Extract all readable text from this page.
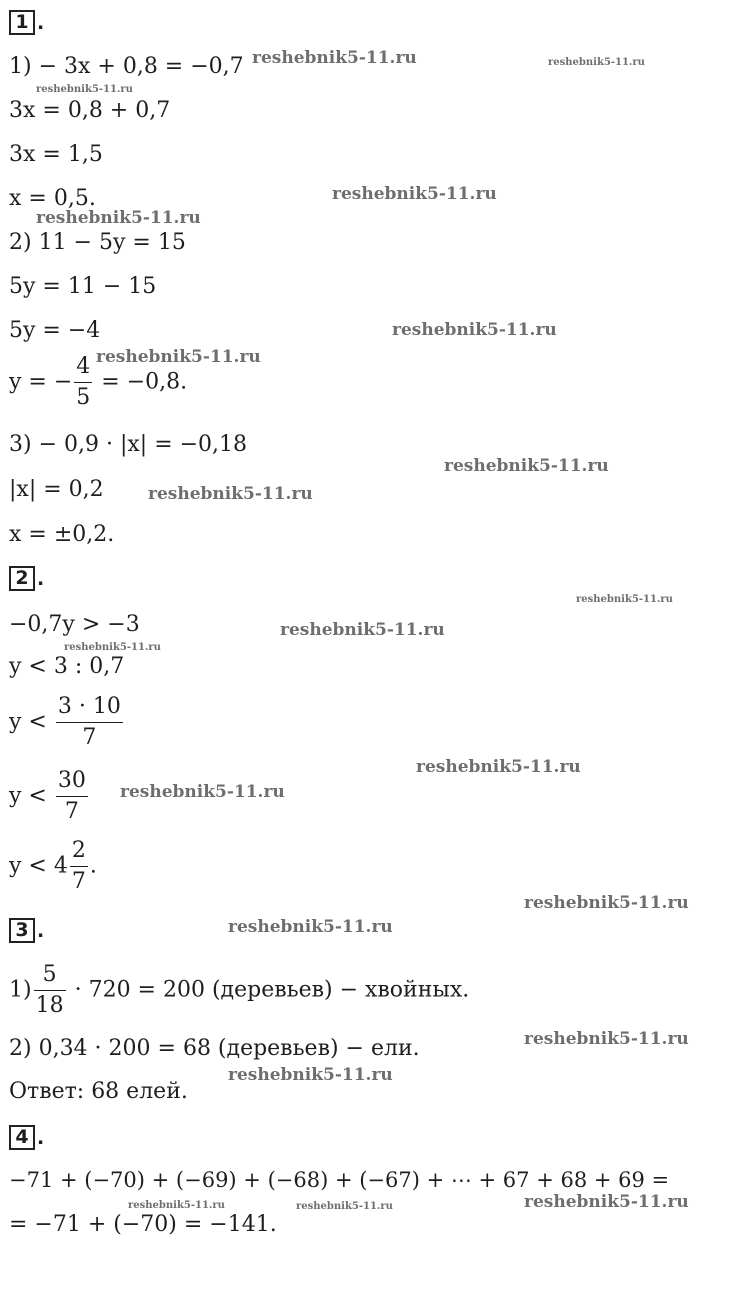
1 .
1) − 3x + 0,8 = −0,7
3x = 0,8 + 0,7
3x = 1,5
x = 0,5.
2) 11 − 5y = 15
5y = 11 − 15
5y = −4
y = − $\frac{4}{5} = -0,8$.
3) − 0,9 · |x| = −0,18
|x| = 0,2
x = ±0,2.
2 .
−0,7y > −3
y < 3 : 0,7
$y < \frac{3 \cdot 10}{7}$
$y < \frac{30}{7}$
$y < 4 \frac{2}{7}$ .
3 .
$1) \frac{5}{18} \cdot 720 = 200$ (деревьев) − хвойных.
2) 0,34 · 200 = 68 (деревьев) − ели.
Ответ: 68 елей.
4 .
−71 + (−70) + (−69) + (−68) + (−67) + ⋯ + 67 + 68 + 69 =
= −71 + (−70) = −141.
reshebnik5-11.ru	reshebnik5-11.ru
reshebnik5-11.ru
reshebnik5-11.ru
reshebnik5-11.ru
reshebnik5-11.ru
reshebnik5-11.ru
reshebnik5-11.ru
reshebnik5-11.ru
reshebnik5-11.ru
reshebnik5-11.ru
reshebnik5-11.ru
reshebnik5-11.ru
reshebnik5-11.ru
reshebnik5-11.ru
reshebnik5-11.ru
reshebnik5-11.ru
reshebnik5-11.ru
reshebnik5-11.ru	reshebnik5-11.ru	reshebnik5-11.ru
